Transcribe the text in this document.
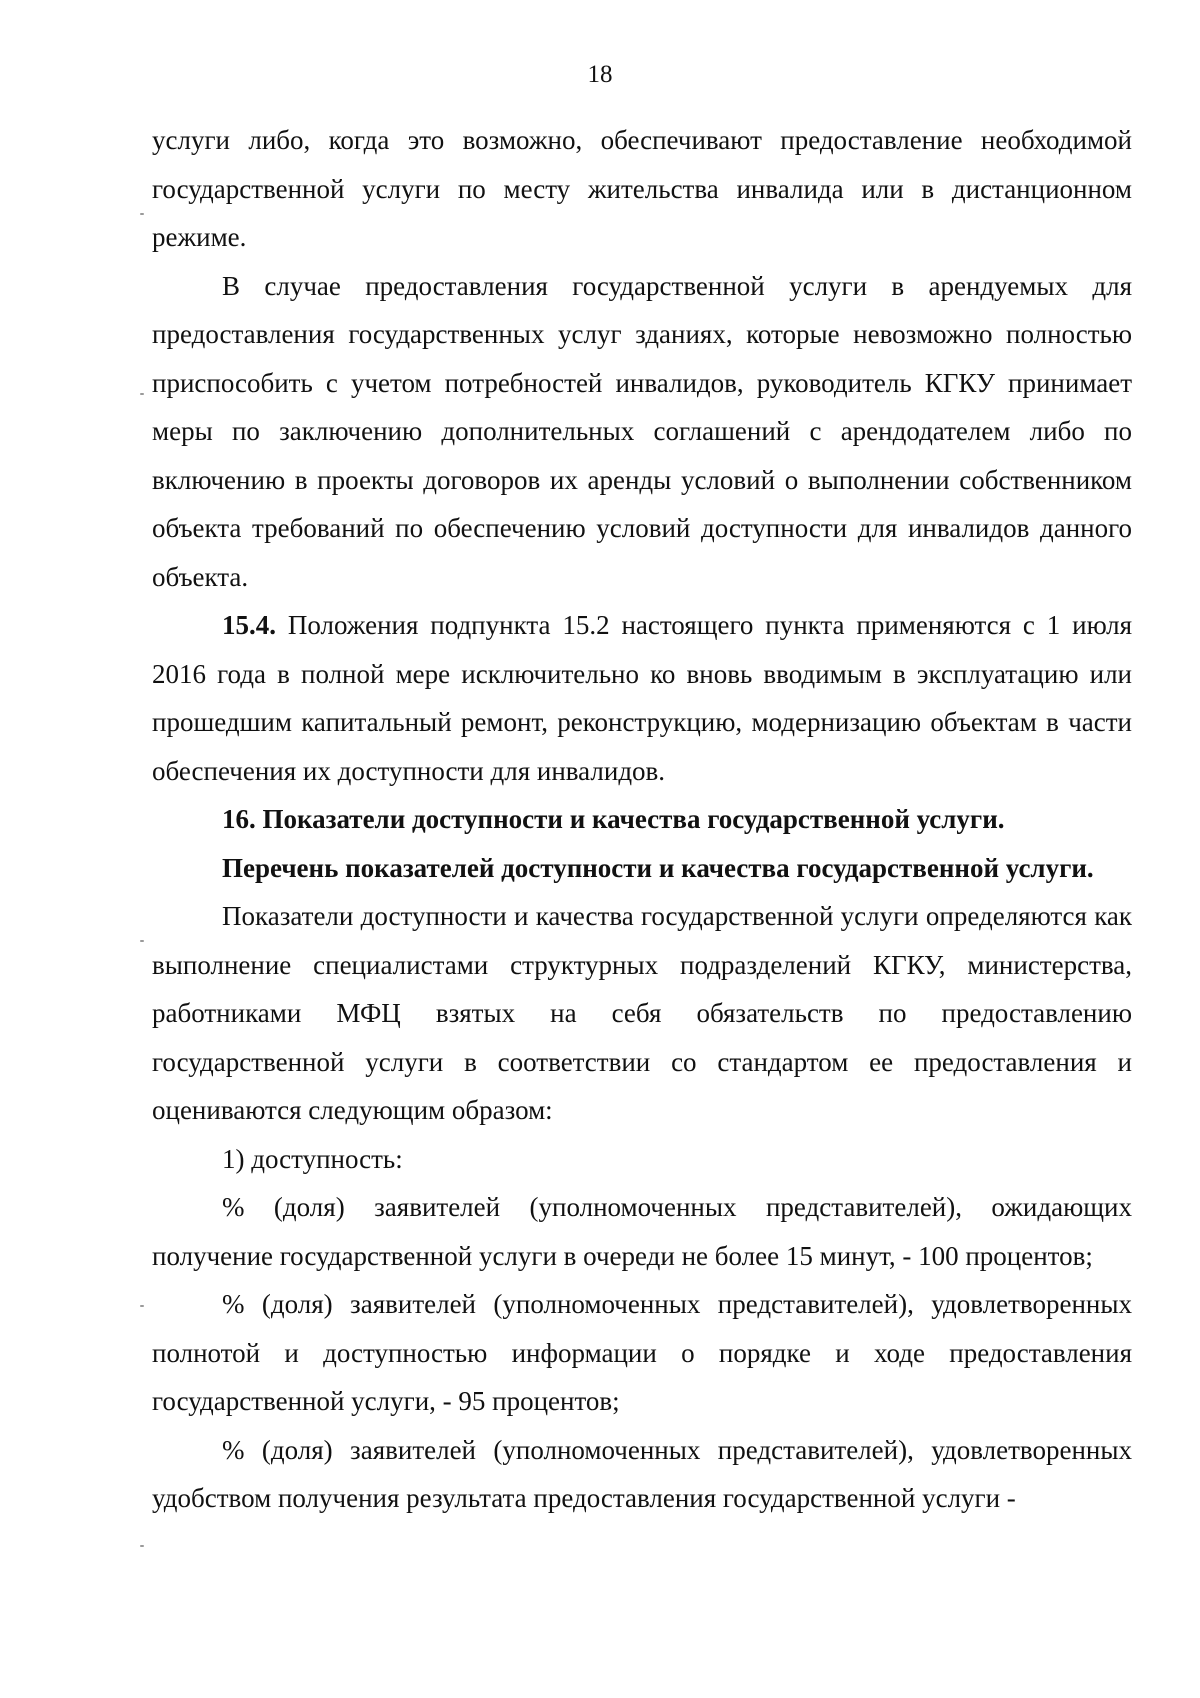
18

услуги либо, когда это возможно, обеспечивают предоставление необходимой государственной услуги по месту жительства инвалида или в дистанционном режиме.

В случае предоставления государственной услуги в арендуемых для предоставления государственных услуг зданиях, которые невозможно полностью приспособить с учетом потребностей инвалидов, руководитель КГКУ принимает меры по заключению дополнительных соглашений с арендодателем либо по включению в проекты договоров их аренды условий о выполнении собственником объекта требований по обеспечению условий доступности для инвалидов данного объекта.

15.4. Положения подпункта 15.2 настоящего пункта применяются с 1 июля 2016 года в полной мере исключительно ко вновь вводимым в эксплуатацию или прошедшим капитальный ремонт, реконструкцию, модернизацию объектам в части обеспечения их доступности для инвалидов.

16. Показатели доступности и качества государственной услуги.

Перечень показателей доступности и качества государственной услуги.

Показатели доступности и качества государственной услуги определяются как выполнение специалистами структурных подразделений КГКУ, министерства, работниками МФЦ взятых на себя обязательств по предоставлению государственной услуги в соответствии со стандартом ее предоставления и оцениваются следующим образом:

1) доступность:

% (доля) заявителей (уполномоченных представителей), ожидающих получение государственной услуги в очереди не более 15 минут, - 100 процентов;

% (доля) заявителей (уполномоченных представителей), удовлетворенных полнотой и доступностью информации о порядке и ходе предоставления государственной услуги, - 95 процентов;

% (доля) заявителей (уполномоченных представителей), удовлетворенных удобством получения результата предоставления государственной услуги -
